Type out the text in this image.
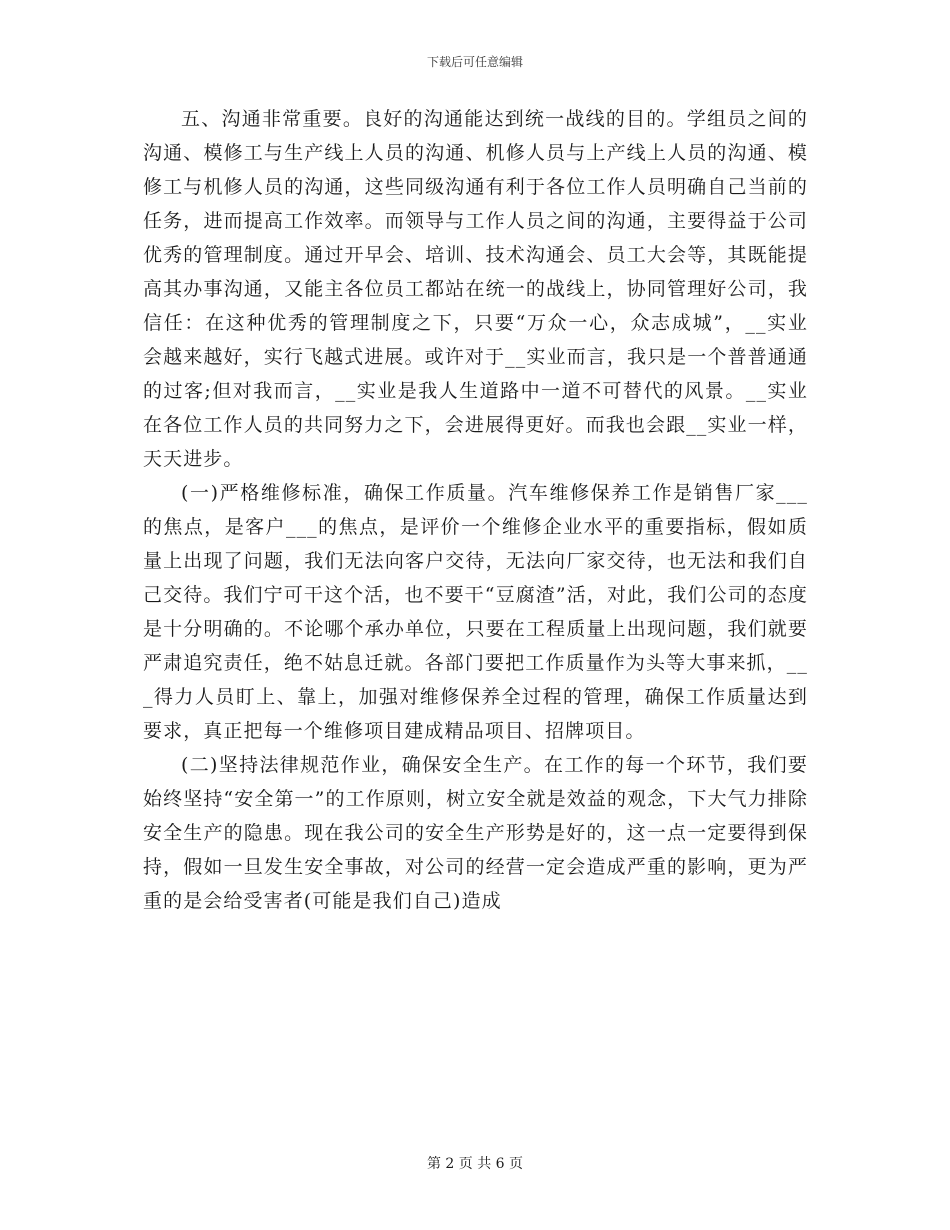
下载后可任意编辑

五、沟通非常重要。良好的沟通能达到统一战线的目的。学组员之间的沟通、模修工与生产线上人员的沟通、机修人员与上产线上人员的沟通、模修工与机修人员的沟通，这些同级沟通有利于各位工作人员明确自己当前的任务，进而提高工作效率。而领导与工作人员之间的沟通，主要得益于公司优秀的管理制度。通过开早会、培训、技术沟通会、员工大会等，其既能提高其办事沟通，又能主各位员工都站在统一的战线上，协同管理好公司，我信任：在这种优秀的管理制度之下，只要“万众一心，众志成城”，__实业会越来越好，实行飞越式进展。或许对于__实业而言，我只是一个普普通通的过客;但对我而言，__实业是我人生道路中一道不可替代的风景。__实业在各位工作人员的共同努力之下，会进展得更好。而我也会跟__实业一样，天天进步。

(一)严格维修标准，确保工作质量。汽车维修保养工作是销售厂家___的焦点，是客户___的焦点，是评价一个维修企业水平的重要指标，假如质量上出现了问题，我们无法向客户交待，无法向厂家交待，也无法和我们自己交待。我们宁可干这个活，也不要干“豆腐渣”活，对此，我们公司的态度是十分明确的。不论哪个承办单位，只要在工程质量上出现问题，我们就要严肃追究责任，绝不姑息迁就。各部门要把工作质量作为头等大事来抓，___得力人员盯上、靠上，加强对维修保养全过程的管理，确保工作质量达到要求，真正把每一个维修项目建成精品项目、招牌项目。

(二)坚持法律规范作业，确保安全生产。在工作的每一个环节，我们要始终坚持“安全第一”的工作原则，树立安全就是效益的观念，下大气力排除安全生产的隐患。现在我公司的安全生产形势是好的，这一点一定要得到保持，假如一旦发生安全事故，对公司的经营一定会造成严重的影响，更为严重的是会给受害者(可能是我们自己)造成

第 2 页 共 6 页
